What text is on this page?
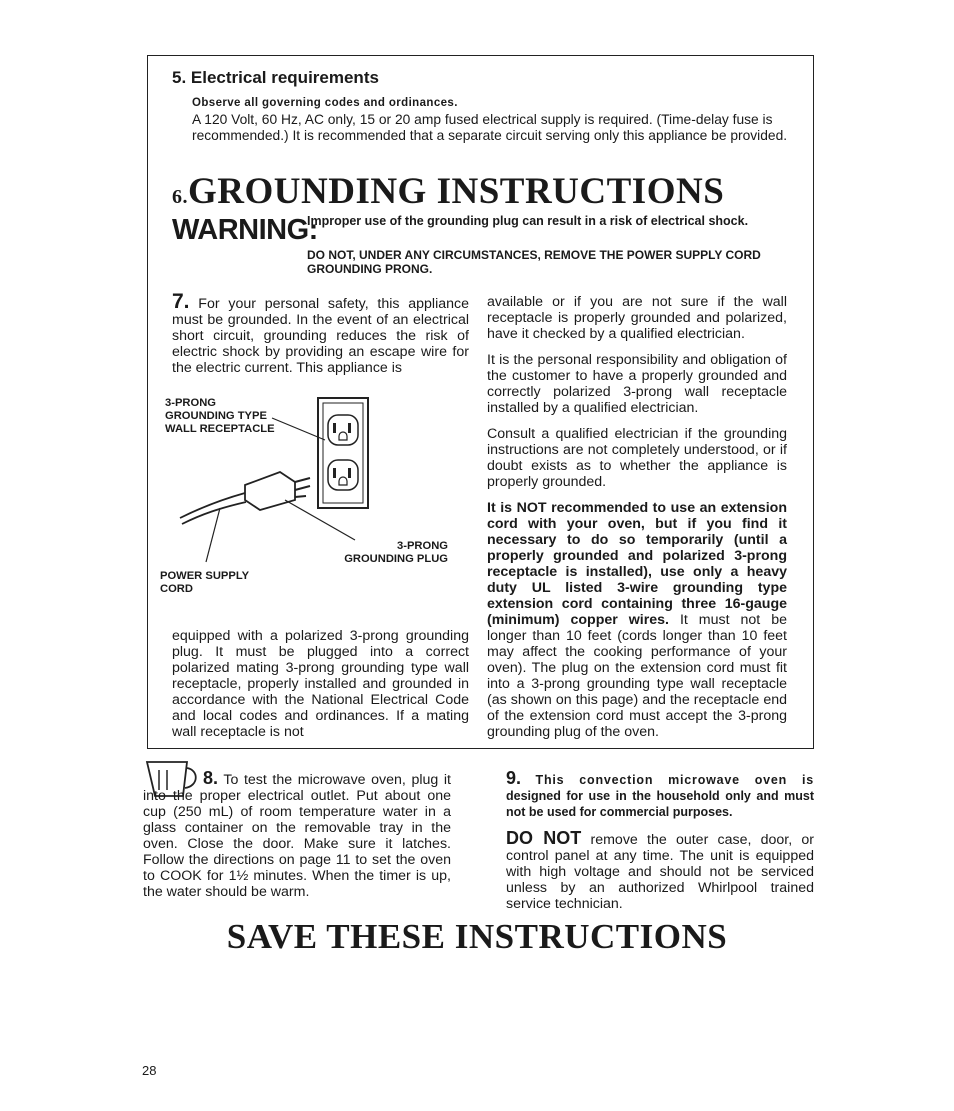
5. Electrical requirements
Observe all governing codes and ordinances.
A 120 Volt, 60 Hz, AC only, 15 or 20 amp fused electrical supply is required. (Time-delay fuse is recommended.) It is recommended that a separate circuit serving only this appliance be provided.
6.GROUNDING INSTRUCTIONS
WARNING:
Improper use of the grounding plug can result in a risk of electrical shock.
DO NOT, UNDER ANY CIRCUMSTANCES, REMOVE THE POWER SUPPLY CORD GROUNDING PRONG.
7. For your personal safety, this appliance must be grounded. In the event of an electrical short circuit, grounding reduces the risk of electric shock by providing an escape wire for the electric current. This appliance is
3-PRONG GROUNDING TYPE WALL RECEPTACLE
3-PRONG GROUNDING PLUG
POWER SUPPLY CORD
equipped with a polarized 3-prong grounding plug. It must be plugged into a correct polarized mating 3-prong grounding type wall receptacle, properly installed and grounded in accordance with the National Electrical Code and local codes and ordinances. If a mating wall receptacle is not

available or if you are not sure if the wall receptacle is properly grounded and polarized, have it checked by a qualified electrician.

It is the personal responsibility and obligation of the customer to have a properly grounded and correctly polarized 3-prong wall receptacle installed by a qualified electrician.

Consult a qualified electrician if the grounding instructions are not completely understood, or if doubt exists as to whether the appliance is properly grounded.

It is NOT recommended to use an extension cord with your oven, but if you find it necessary to do so temporarily (until a properly grounded and polarized 3-prong receptacle is installed), use only a heavy duty UL listed 3-wire grounding type extension cord containing three 16-gauge (minimum) copper wires. It must not be longer than 10 feet (cords longer than 10 feet may affect the cooking performance of your oven). The plug on the extension cord must fit into a 3-prong grounding type wall receptacle (as shown on this page) and the receptacle end of the extension cord must accept the 3-prong grounding plug of the oven.

8. To test the microwave oven, plug it into the proper electrical outlet. Put about one cup (250 mL) of room temperature water in a glass container on the removable tray in the oven. Close the door. Make sure it latches. Follow the directions on page 11 to set the oven to COOK for 1½ minutes. When the timer is up, the water should be warm.

9. This convection microwave oven is designed for use in the household only and must not be used for commercial purposes.

DO NOT remove the outer case, door, or control panel at any time. The unit is equipped with high voltage and should not be serviced unless by an authorized Whirlpool trained service technician.

SAVE THESE INSTRUCTIONS
28
